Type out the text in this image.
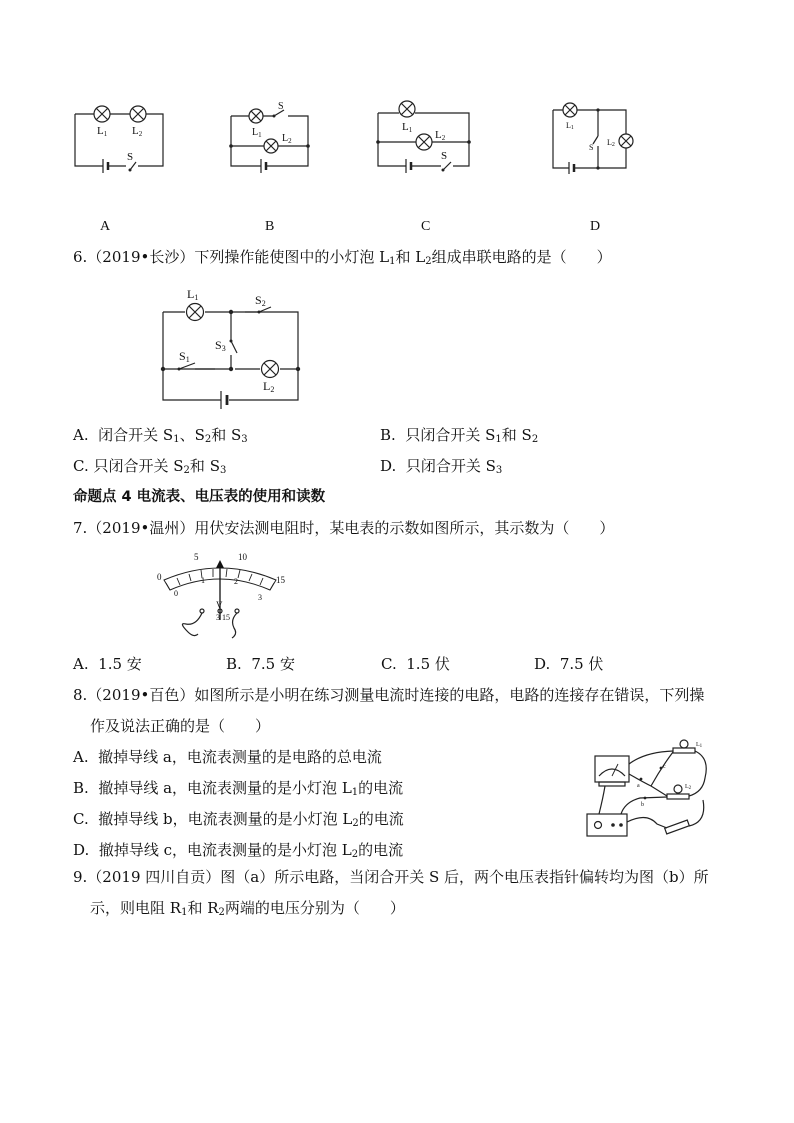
L1 L2
S
S
$L_1$ $L_2$
L1 L2
S
L1
L2
S
A	B	C	D
6.（2019•长沙）下列操作能使图中的小灯泡 $L_1$和 $L_2$组成串联电路的是（　　）
L1
L2
S2
S3
S1
A. 闭合开关 $S_1$、$S_2$和 $S_3$	B. 只闭合开关 $S_1$和 $S_2$
C. 只闭合开关 $S_2$和 $S_3$	D. 只闭合开关 $S_3$
命题点 4 电流表、电压表的使用和读数
7.（2019•温州）用伏安法测电阻时，某电表的示数如图所示，其示数为（　　）
0
5	10
15
0
1	2
3
V
3 15
A. 1.5 安	B. 7.5 安	C. 1.5 伏	D. 7.5 伏
8.（2019•百色）如图所示是小明在练习测量电流时连接的电路，电路的连接存在错误，下列操
作及说法正确的是（　　）
A. 撤掉导线 a，电流表测量的是电路的总电流
B. 撤掉导线 a，电流表测量的是小灯泡 $L_1$的电流
C. 撤掉导线 b，电流表测量的是小灯泡 $L_2$的电流
D. 撤掉导线 c，电流表测量的是小灯泡 $L_2$的电流
a
b
c
L1
L2
9.（2019 四川自贡）图（a）所示电路，当闭合开关 S 后，两个电压表指针偏转均为图（b）所
示，则电阻 $R_1$和 $R_2$两端的电压分别为（　　）
